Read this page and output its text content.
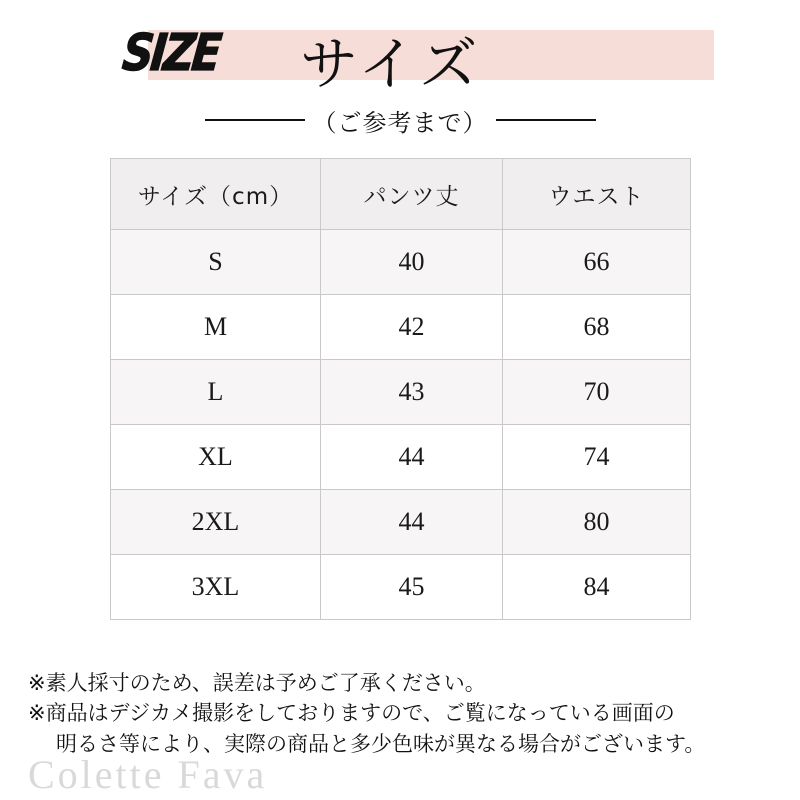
SIZE サイズ
（ご参考まで）
サイズ（cm）	パンツ丈	ウエスト
S	40	66
M	42	68
L	43	70
XL	44	74
2XL	44	80
3XL	45	84
※素人採寸のため、誤差は予めご了承ください。
※商品はデジカメ撮影をしておりますので、ご覧になっている画面の
明るさ等により、実際の商品と多少色味が異なる場合がございます。
Colette Fava
